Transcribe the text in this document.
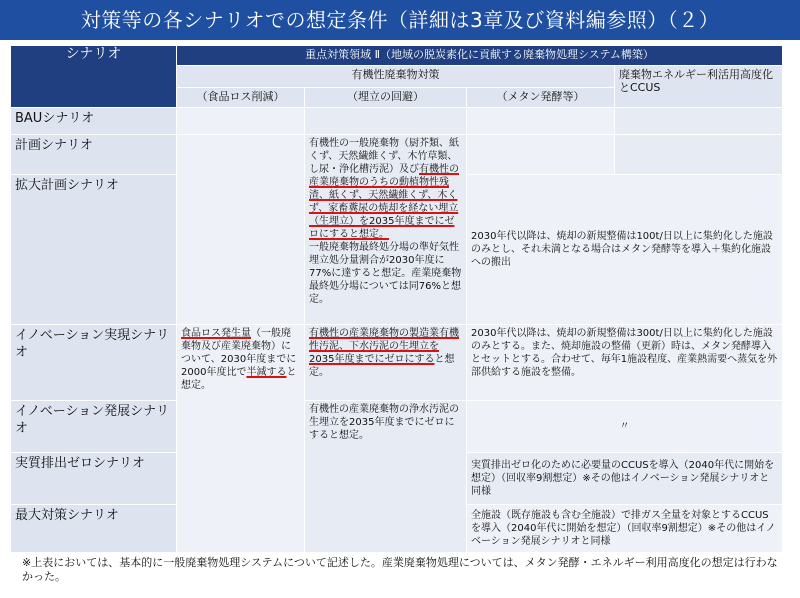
対策等の各シナリオでの想定条件（詳細は3章及び資料編参照）（２）
シナリオ	重点対策領域 Ⅱ（地域の脱炭素化に貢献する廃棄物処理システム構築）			
	有機性廃棄物対策			廃棄物エネルギー利活用高度化とCCUS
	（食品ロス削減）	（埋立の回避）	（メタン発酵等）	
BAUシナリオ				
計画シナリオ		有機性の一般廃棄物（厨芥類、紙くず、天然繊維くず、木竹草類、し尿・浄化槽汚泥）及び有機性の産業廃棄物のうちの動植物性残渣、紙くず、天然繊維くず、木くず、家畜糞尿の焼却を経ない埋立（生埋立）を2035年度までにゼロにすると想定。
一般廃棄物最終処分場の準好気性埋立処分量割合が2030年度に77%に達すると想定。産業廃棄物最終処分場については同76%と想定。		
拡大計画シナリオ			2030年代以降は、焼却の新規整備は100t/日以上に集約化した施設のみとし、それ未満となる場合はメタン発酵等を導入＋集約化施設への搬出	
イノベーション実現シナリオ	食品ロス発生量（一般廃棄物及び産業廃棄物）について、2030年度までに2000年度比で半減すると想定。	有機性の産業廃棄物の製造業有機性汚泥、下水汚泥の生埋立を2035年度までにゼロにすると想定。	2030年代以降は、焼却の新規整備は300t/日以上に集約化した施設のみとする。また、焼却施設の整備（更新）時は、メタン発酵導入とセットとする。合わせて、毎年1施設程度、産業熱需要へ蒸気を外部供給する施設を整備。	
イノベーション発展シナリオ		有機性の産業廃棄物の浄水汚泥の生埋立を2035年度までにゼロにすると想定。	〃	
実質排出ゼロシナリオ			実質排出ゼロ化のために必要量のCCUSを導入（2040年代に開始を想定）（回収率9割想定）※その他はイノベーション発展シナリオと同様	
最大対策シナリオ			全施設（既存施設も含む全施設）で排ガス全量を対象とするCCUSを導入（2040年代に開始を想定）（回収率9割想定）※その他はイノベーション発展シナリオと同様	
※上表においては、基本的に一般廃棄物処理システムについて記述した。産業廃棄物処理については、メタン発酵・エネルギー利用高度化の想定は行わなかった。
